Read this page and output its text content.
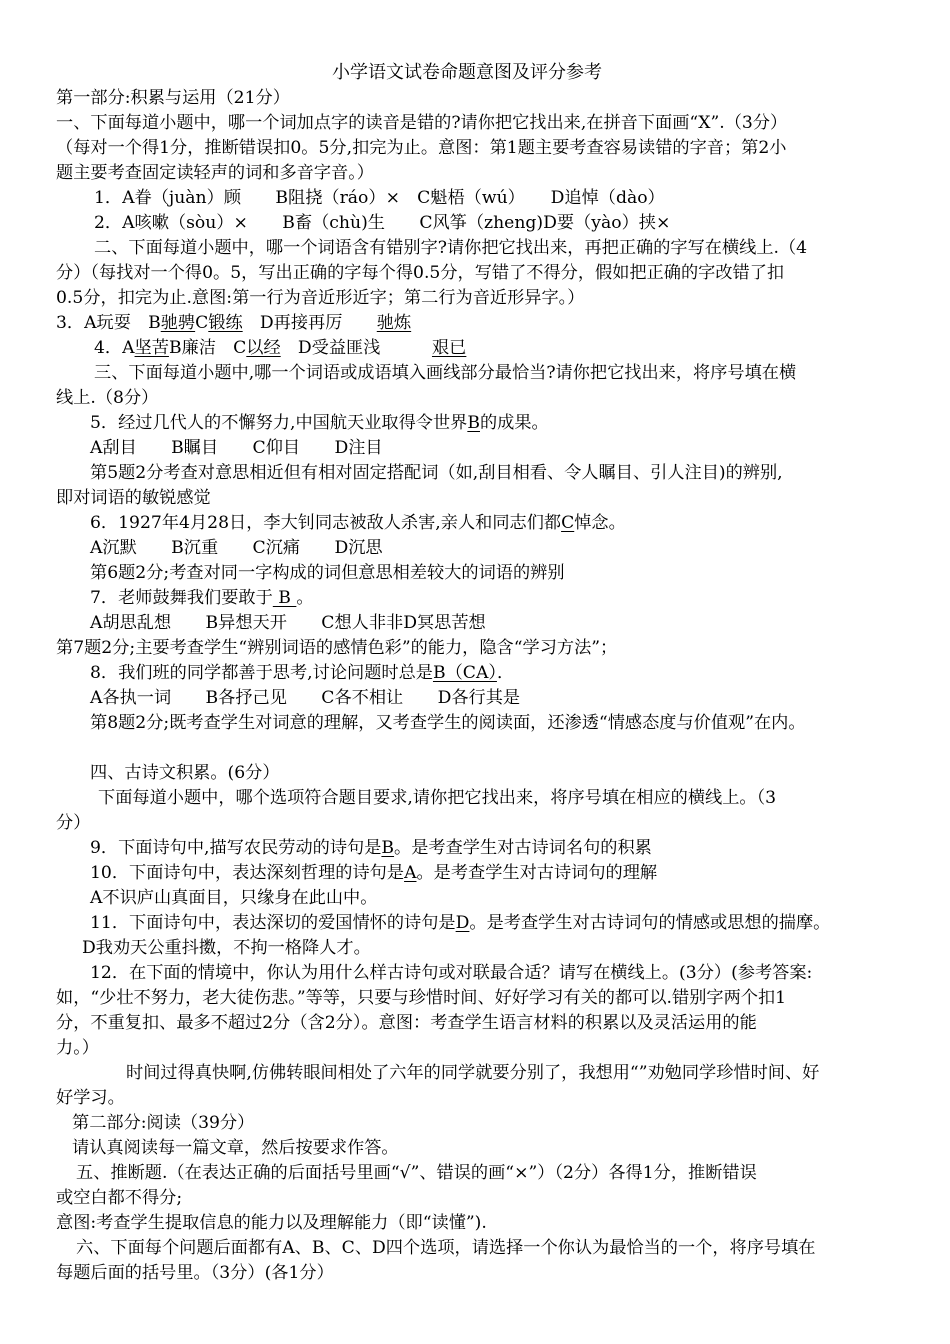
小学语文试卷命题意图及评分参考
第一部分:积累与运用（21分）
一、下面每道小题中，哪一个词加点字的读音是错的?请你把它找出来,在拼音下面画“X”.（3分）
（每对一个得1分，推断错误扣0。5分,扣完为止。意图：第1题主要考查容易读错的字音；第2小
题主要考查固定读轻声的词和多音字音。）
1．A眷（juàn）顾　　B阻挠（ráo）×　C魁梧（wú）　　D追悼（dào）
2．A咳嗽（sòu）×　　B畜（chù)生　　C风筝（zheng)D要（yào）挟×
二、下面每道小题中，哪一个词语含有错别字?请你把它找出来，再把正确的字写在横线上.（4
分）（每找对一个得0。5，写出正确的字每个得0.5分，写错了不得分，假如把正确的字改错了扣
0.5分，扣完为止.意图:第一行为音近形近字；第二行为音近形异字。）
3．A玩耍　B驰骋C锻练　D再接再厉　　驰炼
4．A坚苦B廉洁　C以经　D受益匪浅　　　艰已
三、下面每道小题中,哪一个词语或成语填入画线部分最恰当?请你把它找出来，将序号填在横
线上.（8分）
5．经过几代人的不懈努力,中国航天业取得令世界B的成果。
A刮目　　B瞩目　　C仰目　　D注目
第5题2分考查对意思相近但有相对固定搭配词（如,刮目相看、令人瞩目、引人注目)的辨别,
即对词语的敏锐感觉
6．1927年4月28日，李大钊同志被敌人杀害,亲人和同志们都C悼念。
A沉默　　B沉重　　C沉痛　　D沉思
第6题2分;考查对同一字构成的词但意思相差较大的词语的辨别
7．老师鼓舞我们要敢于 B 。
A胡思乱想　　B异想天开　　C想人非非D冥思苦想
第7题2分;主要考查学生“辨别词语的感情色彩”的能力，隐含“学习方法”；
8．我们班的同学都善于思考,讨论问题时总是B（CA）．
A各执一词　　B各抒己见　　C各不相让　　D各行其是
第8题2分;既考查学生对词意的理解，又考查学生的阅读面，还渗透“情感态度与价值观”在内。
四、古诗文积累。(6分）
下面每道小题中，哪个选项符合题目要求,请你把它找出来，将序号填在相应的横线上。（3
分）
9．下面诗句中,描写农民劳动的诗句是B。是考查学生对古诗词名句的积累
10．下面诗句中，表达深刻哲理的诗句是A。是考查学生对古诗词句的理解
A不识庐山真面目，只缘身在此山中。
11．下面诗句中，表达深切的爱国情怀的诗句是D。是考查学生对古诗词句的情感或思想的揣摩。
D我劝天公重抖擞，不拘一格降人才。
12．在下面的情境中，你认为用什么样古诗句或对联最合适？请写在横线上。(3分）(参考答案:
如，“少壮不努力，老大徒伤悲。”等等，只要与珍惜时间、好好学习有关的都可以.错别字两个扣1
分，不重复扣、最多不超过2分（含2分）。意图：考查学生语言材料的积累以及灵活运用的能
力。）
时间过得真快啊,仿佛转眼间相处了六年的同学就要分别了，我想用“”劝勉同学珍惜时间、好
好学习。
第二部分:阅读（39分）
请认真阅读每一篇文章，然后按要求作答。
五、推断题.（在表达正确的后面括号里画“√”、错误的画“×”）（2分）各得1分，推断错误
或空白都不得分;
意图:考查学生提取信息的能力以及理解能力（即“读懂”).
六、下面每个问题后面都有A、B、C、D四个选项，请选择一个你认为最恰当的一个，将序号填在
每题后面的括号里。（3分）(各1分）
